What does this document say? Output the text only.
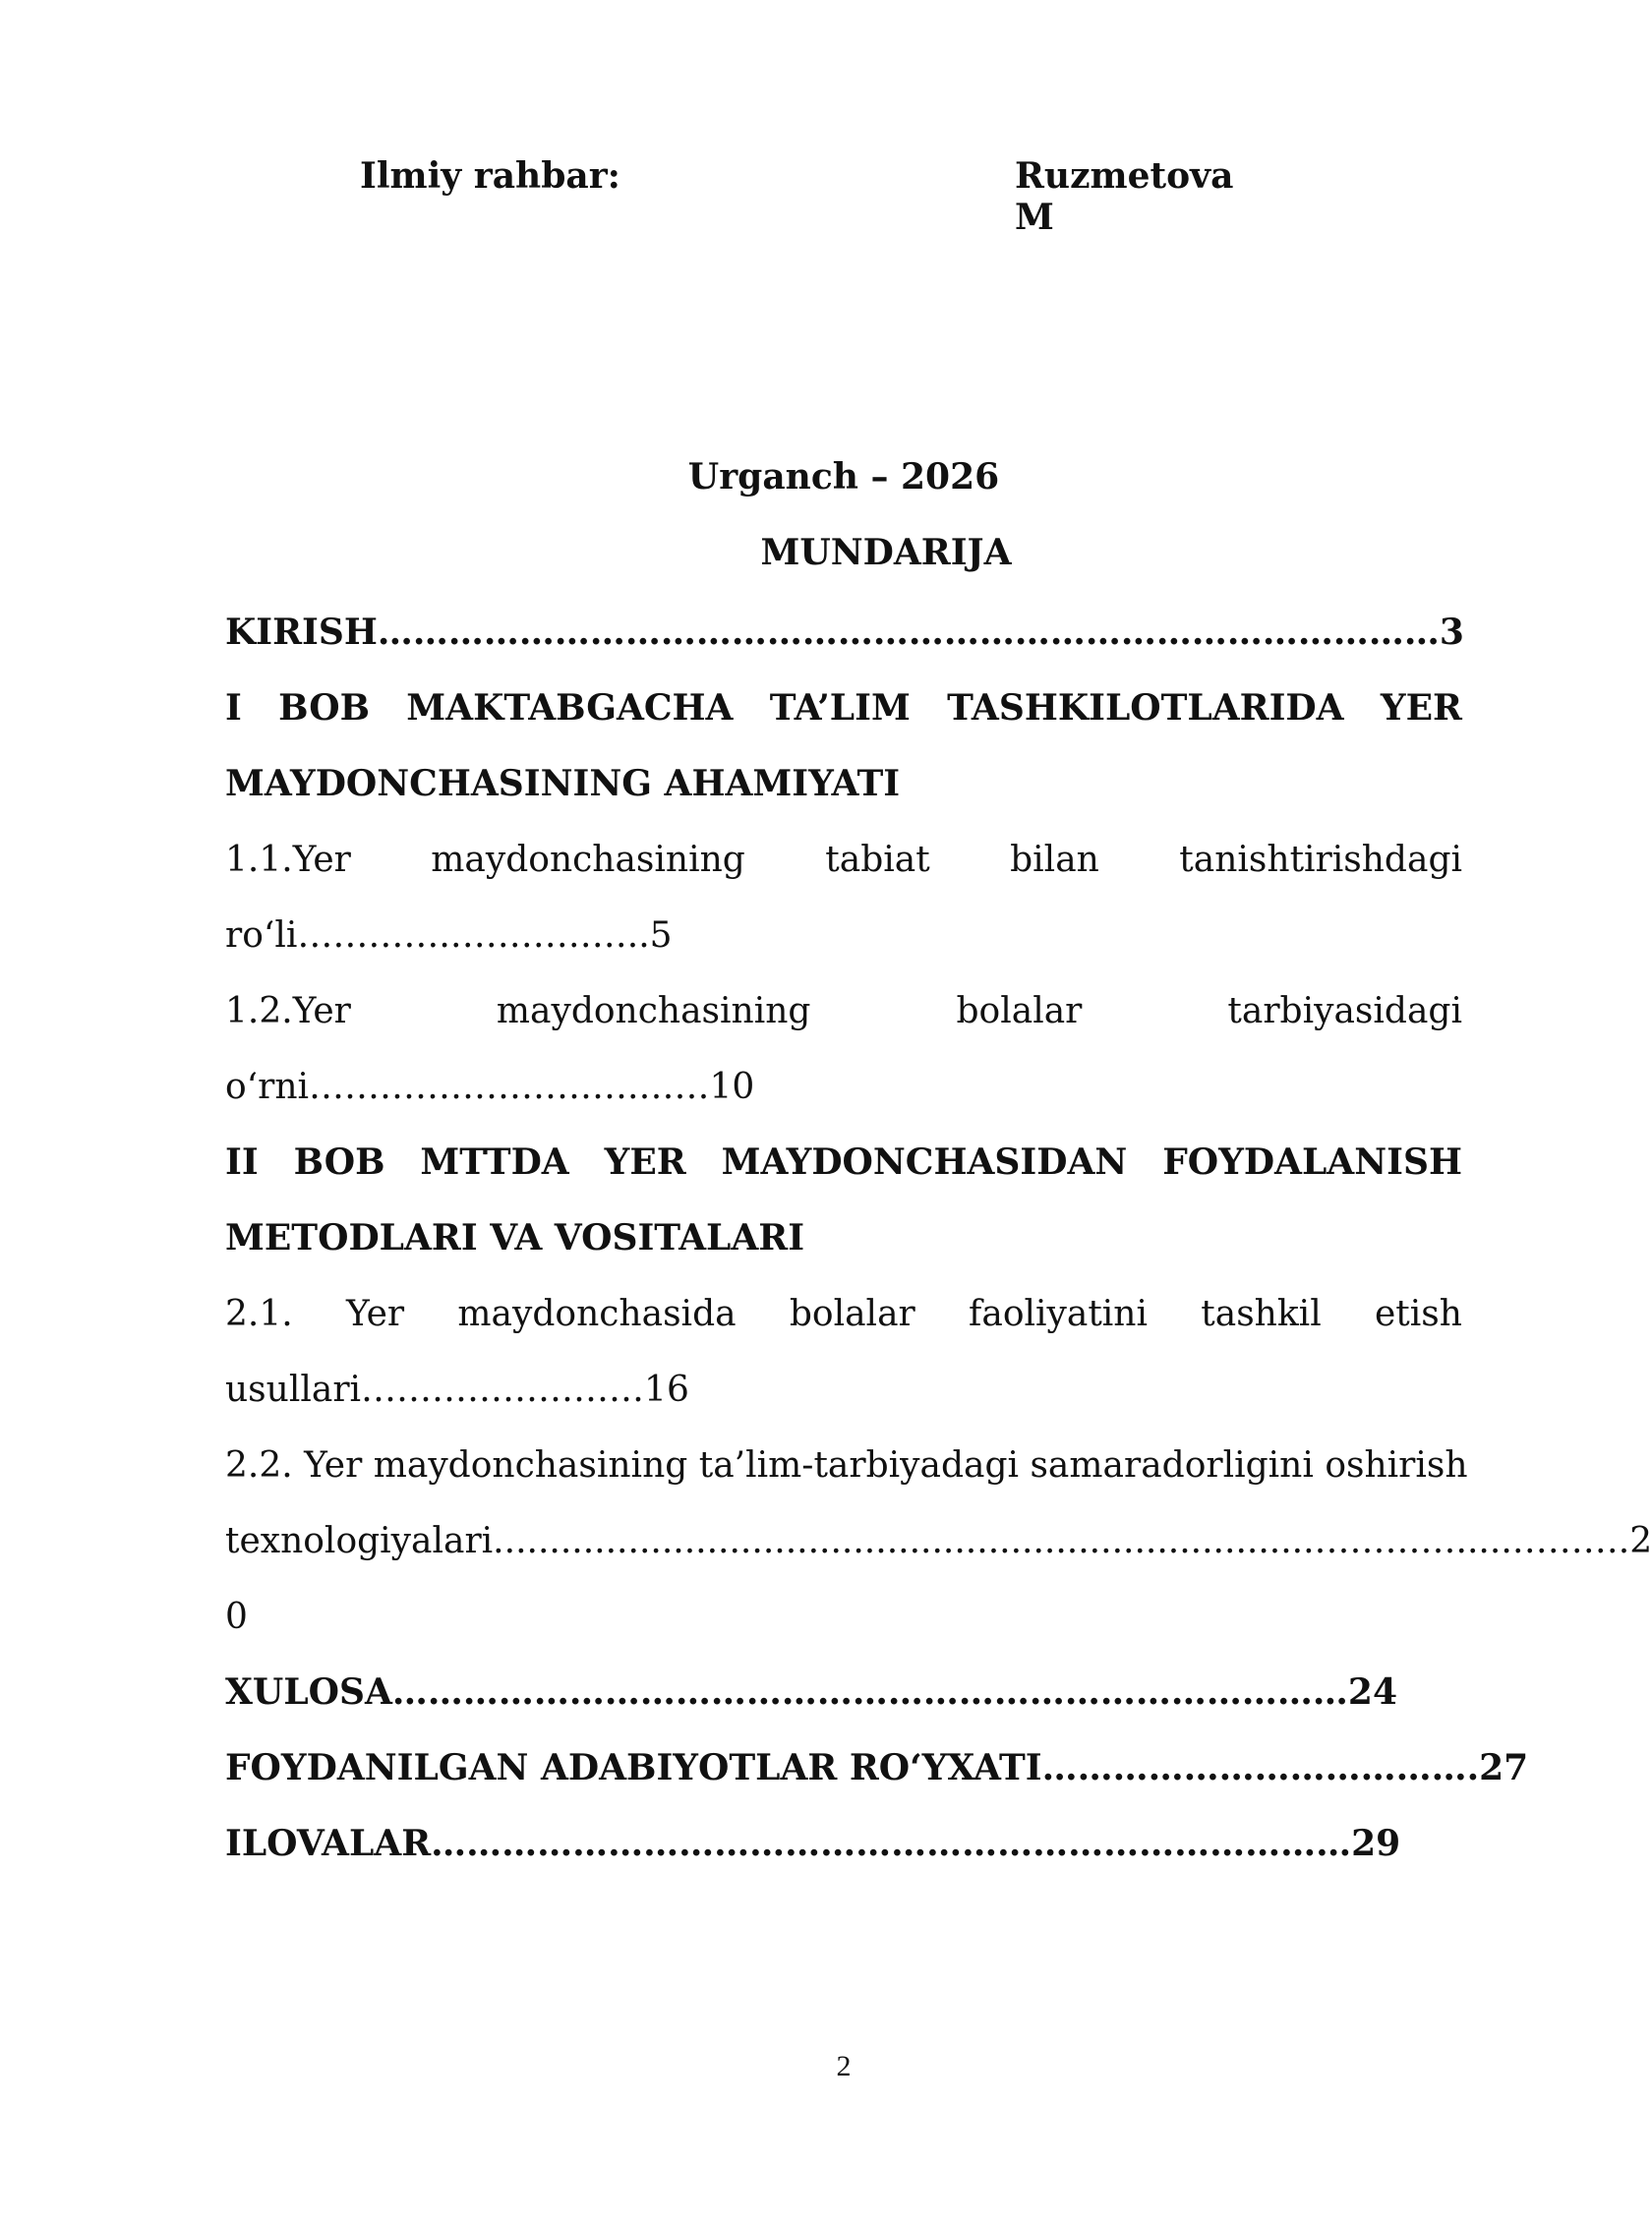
Ilmiy rahbar:	Ruzmetova M
Urganch – 2026
MUNDARIJA
KIRISH………………………………………………………………………………3
I BOB MAKTABGACHA TA’LIM TASHKILOTLARIDA YER
MAYDONCHASINING AHAMIYATI
1.1.Yer maydonchasining tabiat bilan tanishtirishdagi
ro‘li………….……………..5
1.2.Yer	maydonchasining	bolalar	tarbiyasidagi
o‘rni……………………….……10
II BOB MTTDA YER MAYDONCHASIDAN FOYDALANISH
METODLARI VA VOSITALARI
2.1. Yer maydonchasida bolalar faoliyatini tashkil etish
usullari……………………16
2.2. Yer maydonchasining ta’lim-tarbiyadagi samaradorligini oshirish
texnologiyalari.........................................................................………….....……….2
0
XULOSA………………………………………………………………………24
FOYDANILGAN ADABIYOTLAR RO‘YXATI……………………………….27
ILOVALAR……………………………………………………………………29
2
